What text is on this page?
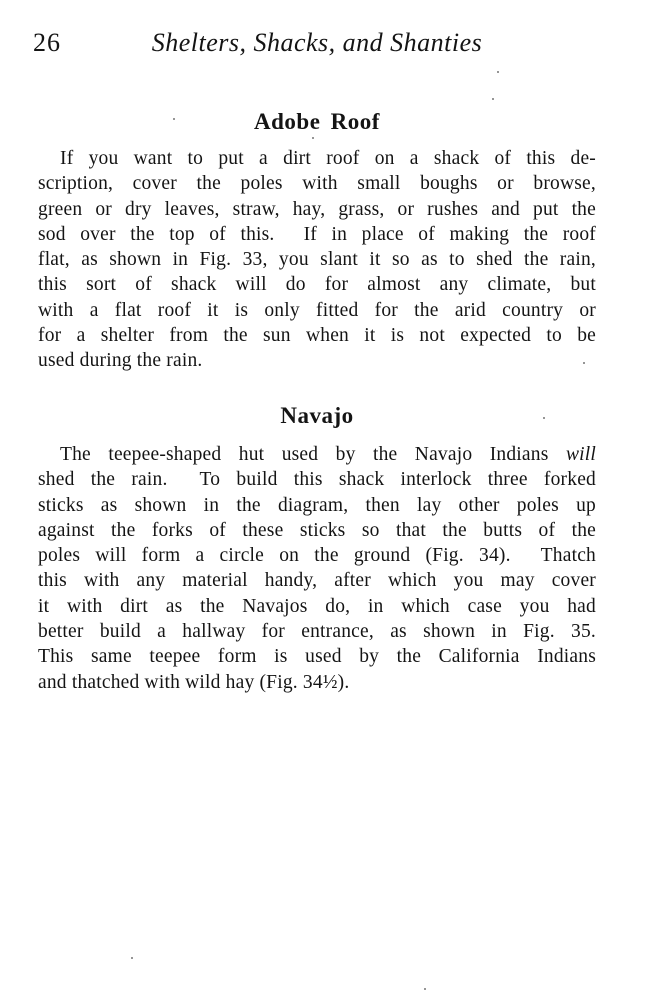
26	Shelters, Shacks, and Shanties
Adobe Roof
If you want to put a dirt roof on a shack of this de-
scription, cover the poles with small boughs or browse,
green or dry leaves, straw, hay, grass, or rushes and put the
sod over the top of this.  If in place of making the roof
flat, as shown in Fig. 33, you slant it so as to shed the rain,
this sort of shack will do for almost any climate, but
with a flat roof it is only fitted for the arid country or
for a shelter from the sun when it is not expected to be
used during the rain.
Navajo
The teepee-shaped hut used by the Navajo Indians will
shed the rain.  To build this shack interlock three forked
sticks as shown in the diagram, then lay other poles up
against the forks of these sticks so that the butts of the
poles will form a circle on the ground (Fig. 34).  Thatch
this with any material handy, after which you may cover
it with dirt as the Navajos do, in which case you had
better build a hallway for entrance, as shown in Fig. 35.
This same teepee form is used by the California Indians
and thatched with wild hay (Fig. 34½).
